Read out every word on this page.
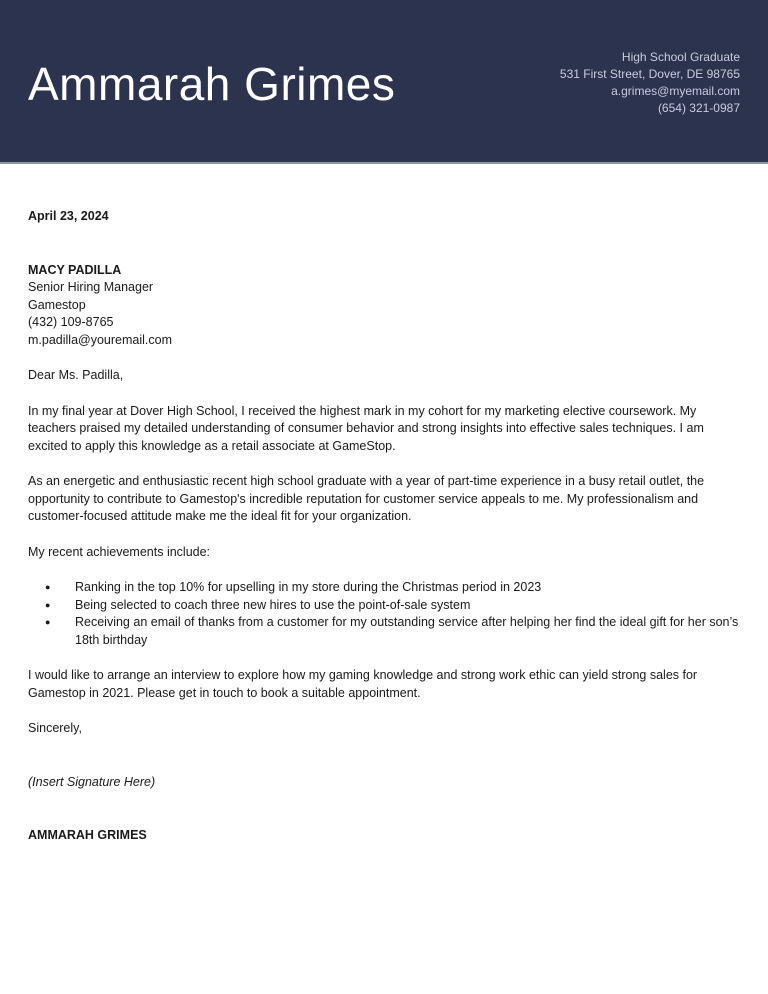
Ammarah Grimes
High School Graduate
531 First Street, Dover, DE 98765
a.grimes@myemail.com
(654) 321-0987
April 23, 2024
MACY PADILLA
Senior Hiring Manager
Gamestop
(432) 109-8765
m.padilla@youremail.com
Dear Ms. Padilla,
In my final year at Dover High School, I received the highest mark in my cohort for my marketing elective coursework. My teachers praised my detailed understanding of consumer behavior and strong insights into effective sales techniques. I am excited to apply this knowledge as a retail associate at GameStop.
As an energetic and enthusiastic recent high school graduate with a year of part-time experience in a busy retail outlet, the opportunity to contribute to Gamestop's incredible reputation for customer service appeals to me. My professionalism and customer-focused attitude make me the ideal fit for your organization.
My recent achievements include:
● Ranking in the top 10% for upselling in my store during the Christmas period in 2023
● Being selected to coach three new hires to use the point-of-sale system
● Receiving an email of thanks from a customer for my outstanding service after helping her find the ideal gift for her son’s 18th birthday
I would like to arrange an interview to explore how my gaming knowledge and strong work ethic can yield strong sales for Gamestop in 2021. Please get in touch to book a suitable appointment.
Sincerely,
(Insert Signature Here)
AMMARAH GRIMES
